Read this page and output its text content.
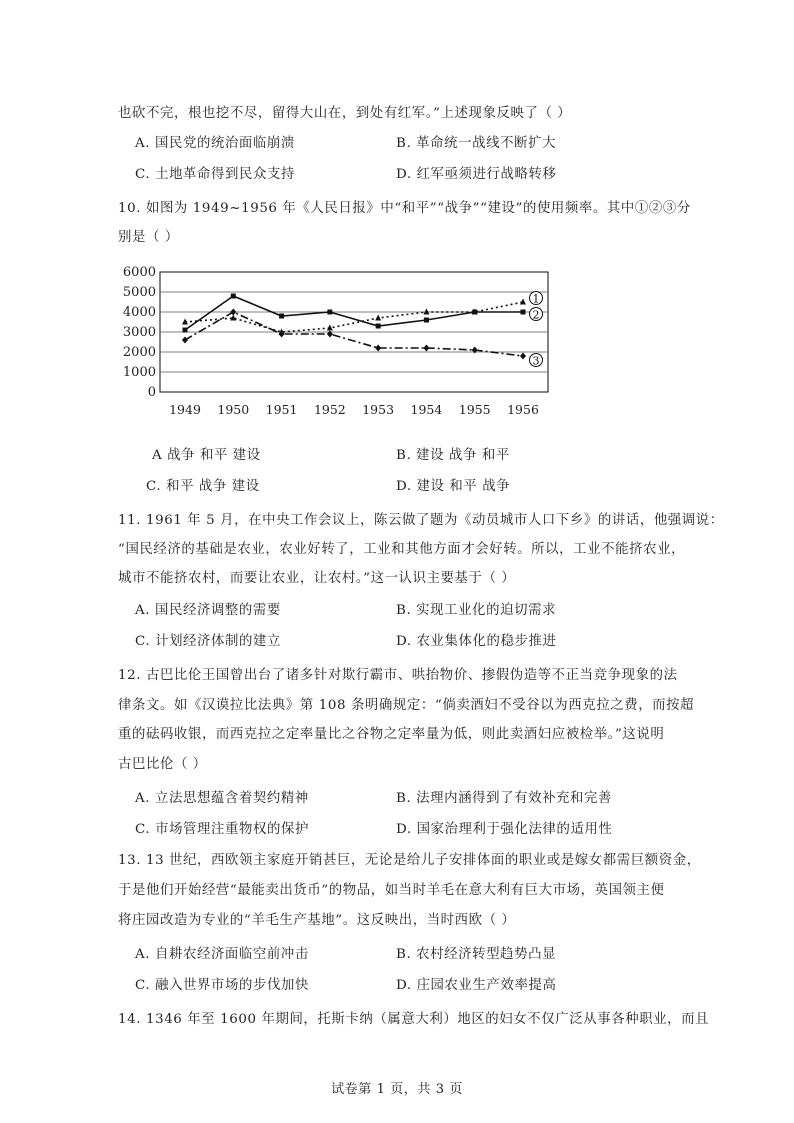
也砍不完，根也挖不尽，留得大山在，到处有红军。”上述现象反映了（ ）
A. 国民党的统治面临崩溃	B. 革命统一战线不断扩大
C. 土地革命得到民众支持	D. 红军亟须进行战略转移
10. 如图为 1949~1956 年《人民日报》中“和平”“战争”“建设”的使用频率。其中①②③分
别是（ ）
0
1000
2000
3000
4000
5000
6000
1949 1950 1951 1952 1953 1954 1955 1956
1
2
3
A 战争 和平 建设	B. 建设 战争 和平
C. 和平 战争 建设	D. 建设 和平 战争
11. 1961 年 5 月，在中央工作会议上，陈云做了题为《动员城市人口下乡》的讲话，他强调说：
“国民经济的基础是农业，农业好转了，工业和其他方面才会好转。所以，工业不能挤农业，
城市不能挤农村，而要让农业，让农村。”这一认识主要基于（ ）
A. 国民经济调整的需要	B. 实现工业化的迫切需求
C. 计划经济体制的建立	D. 农业集体化的稳步推进
12. 古巴比伦王国曾出台了诸多针对欺行霸市、哄抬物价、掺假伪造等不正当竞争现象的法
律条文。如《汉谟拉比法典》第 108 条明确规定：“倘卖酒妇不受谷以为西克拉之费，而按超
重的砝码收银，而西克拉之定率量比之谷物之定率量为低，则此卖酒妇应被检举。”这说明
古巴比伦（ ）
A. 立法思想蕴含着契约精神	B. 法理内涵得到了有效补充和完善
C. 市场管理注重物权的保护	D. 国家治理利于强化法律的适用性
13. 13 世纪，西欧领主家庭开销甚巨，无论是给儿子安排体面的职业或是嫁女都需巨额资金，
于是他们开始经营“最能卖出货币”的物品，如当时羊毛在意大利有巨大市场，英国领主便
将庄园改造为专业的“羊毛生产基地”。这反映出，当时西欧（ ）
A. 自耕农经济面临空前冲击	B. 农村经济转型趋势凸显
C. 融入世界市场的步伐加快	D. 庄园农业生产效率提高
14. 1346 年至 1600 年期间，托斯卡纳（属意大利）地区的妇女不仅广泛从事各种职业，而且
试卷第 1 页，共 3 页
